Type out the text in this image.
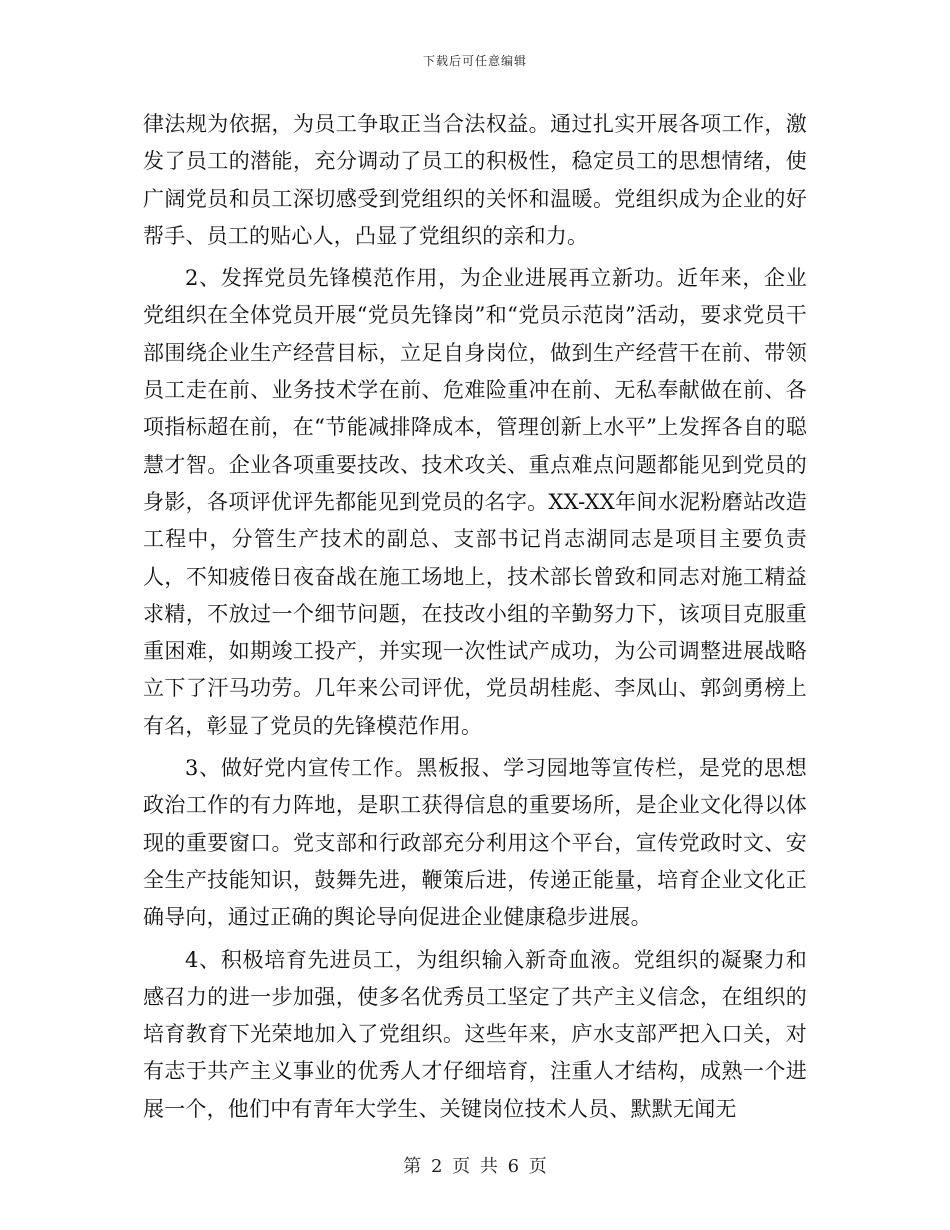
下载后可任意编辑

律法规为依据，为员工争取正当合法权益。通过扎实开展各项工作，激发了员工的潜能，充分调动了员工的积极性，稳定员工的思想情绪，使广阔党员和员工深切感受到党组织的关怀和温暖。党组织成为企业的好帮手、员工的贴心人，凸显了党组织的亲和力。

2、发挥党员先锋模范作用，为企业进展再立新功。近年来，企业党组织在全体党员开展“党员先锋岗”和“党员示范岗”活动，要求党员干部围绕企业生产经营目标，立足自身岗位，做到生产经营干在前、带领员工走在前、业务技术学在前、危难险重冲在前、无私奉献做在前、各项指标超在前，在“节能减排降成本，管理创新上水平”上发挥各自的聪慧才智。企业各项重要技改、技术攻关、重点难点问题都能见到党员的身影，各项评优评先都能见到党员的名字。XX-XX年间水泥粉磨站改造工程中，分管生产技术的副总、支部书记肖志湖同志是项目主要负责人，不知疲倦日夜奋战在施工场地上，技术部长曾致和同志对施工精益求精，不放过一个细节问题，在技改小组的辛勤努力下，该项目克服重重困难，如期竣工投产，并实现一次性试产成功，为公司调整进展战略立下了汗马功劳。几年来公司评优，党员胡桂彪、李凤山、郭剑勇榜上有名，彰显了党员的先锋模范作用。

3、做好党内宣传工作。黑板报、学习园地等宣传栏，是党的思想政治工作的有力阵地，是职工获得信息的重要场所，是企业文化得以体现的重要窗口。党支部和行政部充分利用这个平台，宣传党政时文、安全生产技能知识，鼓舞先进，鞭策后进，传递正能量，培育企业文化正确导向，通过正确的舆论导向促进企业健康稳步进展。

4、积极培育先进员工，为组织输入新奇血液。党组织的凝聚力和感召力的进一步加强，使多名优秀员工坚定了共产主义信念，在组织的培育教育下光荣地加入了党组织。这些年来，庐水支部严把入口关，对有志于共产主义事业的优秀人才仔细培育，注重人才结构，成熟一个进展一个，他们中有青年大学生、关键岗位技术人员、默默无闻无

第 2 页 共 6 页
